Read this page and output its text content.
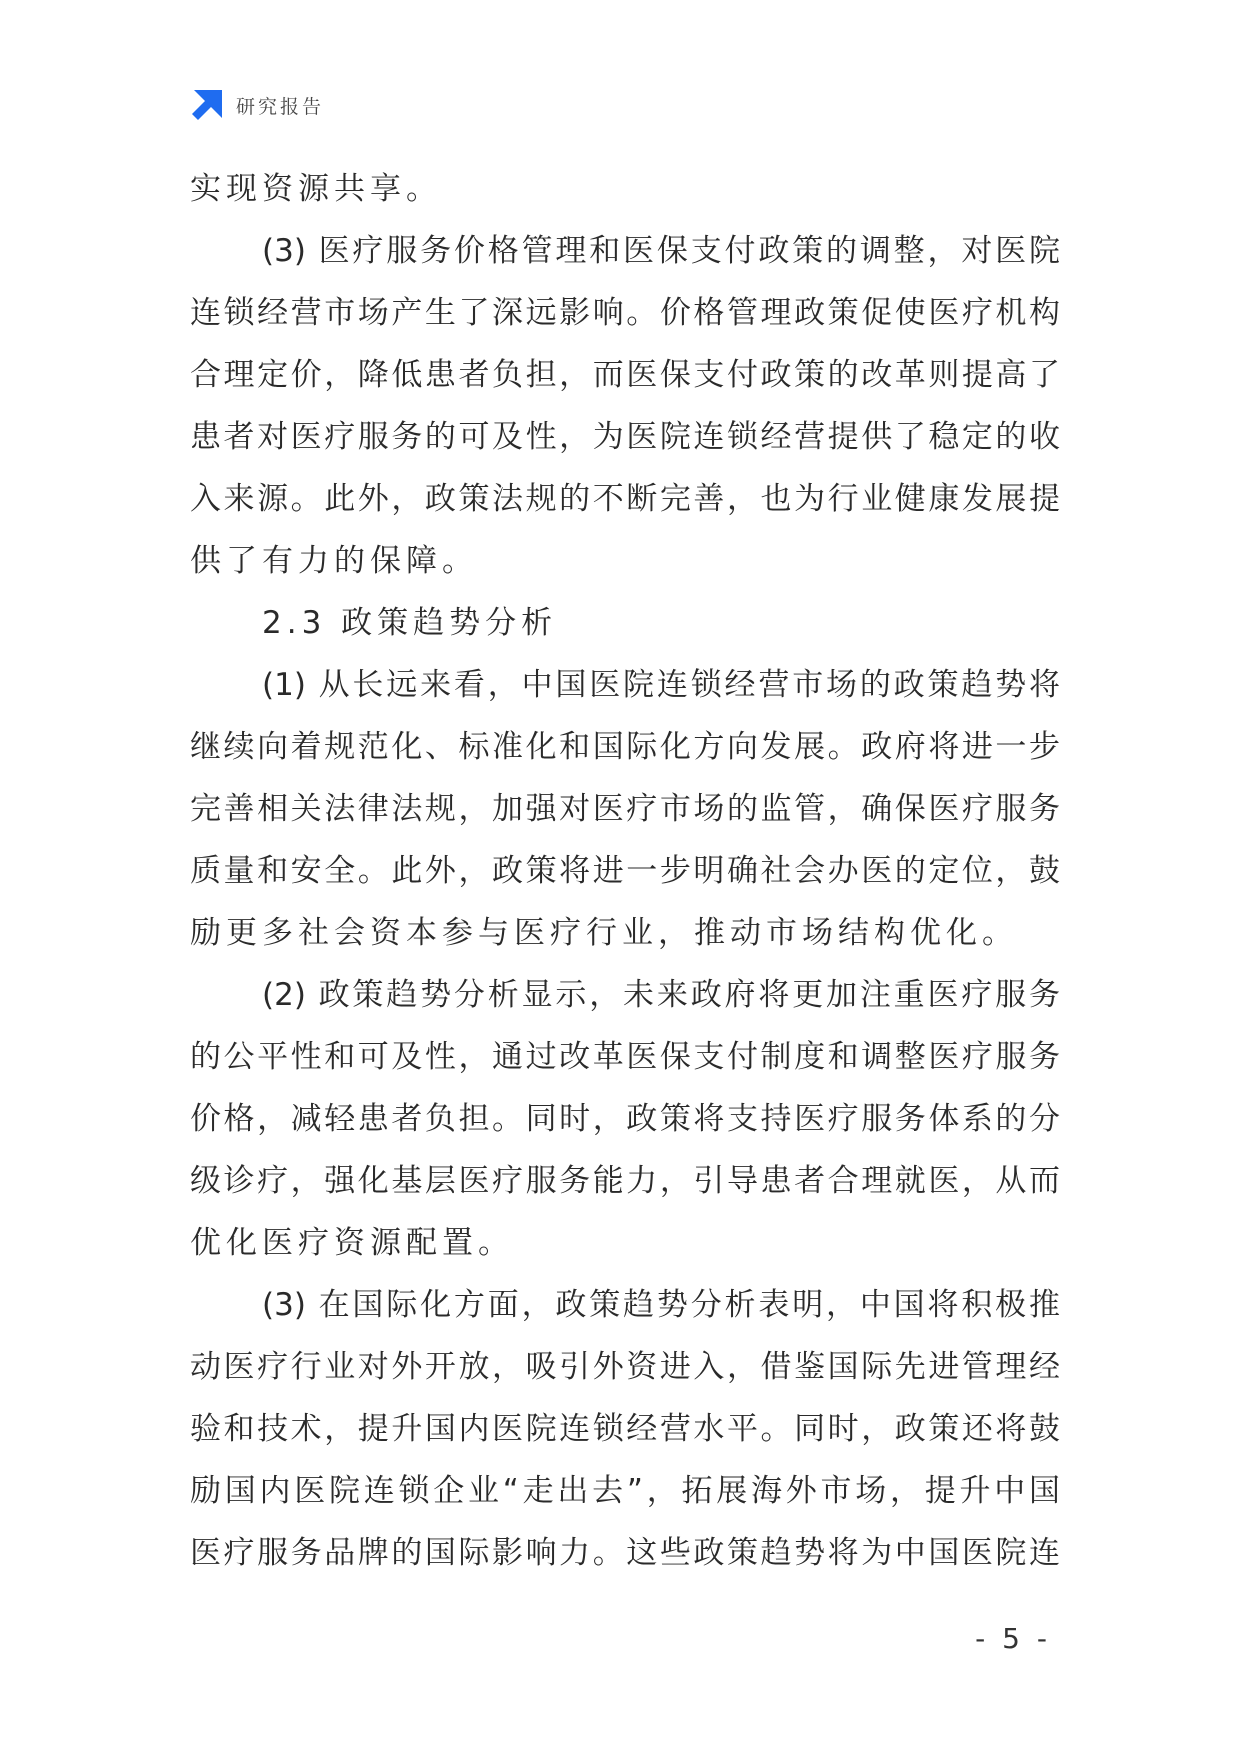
研究报告
实现资源共享。
(3) 医疗服务价格管理和医保支付政策的调整，对医院
连锁经营市场产生了深远影响。价格管理政策促使医疗机构
合理定价，降低患者负担，而医保支付政策的改革则提高了
患者对医疗服务的可及性，为医院连锁经营提供了稳定的收
入来源。此外，政策法规的不断完善，也为行业健康发展提
供了有力的保障。
2.3 政策趋势分析
(1) 从长远来看，中国医院连锁经营市场的政策趋势将
继续向着规范化、标准化和国际化方向发展。政府将进一步
完善相关法律法规，加强对医疗市场的监管，确保医疗服务
质量和安全。此外，政策将进一步明确社会办医的定位，鼓
励更多社会资本参与医疗行业，推动市场结构优化。
(2) 政策趋势分析显示，未来政府将更加注重医疗服务
的公平性和可及性，通过改革医保支付制度和调整医疗服务
价格，减轻患者负担。同时，政策将支持医疗服务体系的分
级诊疗，强化基层医疗服务能力，引导患者合理就医，从而
优化医疗资源配置。
(3) 在国际化方面，政策趋势分析表明，中国将积极推
动医疗行业对外开放，吸引外资进入，借鉴国际先进管理经
验和技术，提升国内医院连锁经营水平。同时，政策还将鼓
励国内医院连锁企业“走出去”，拓展海外市场，提升中国
医疗服务品牌的国际影响力。这些政策趋势将为中国医院连
- 5 -
